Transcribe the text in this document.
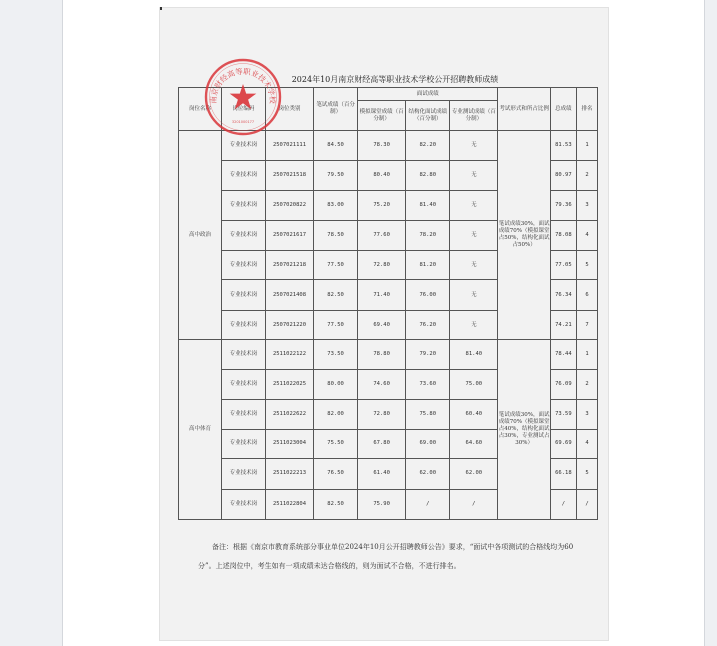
2024年10月南京财经高等职业技术学校公开招聘教师成绩
岗位名称	岗位编码	岗位类别	笔试成绩（百分制）	面试成绩			考试形式和所占比例	总成绩	排名
				模拟课堂成绩（百分制）	结构化面试成绩（百分制）	专业测试成绩（百分制）			
高中政治	专业技术岗	2507021111	84.50	78.30	82.20	无	笔试成绩30%，面试成绩70%（模拟课堂占50%，结构化面试占50%）	81.53	1
	专业技术岗	2507021518	79.50	80.40	82.80	无		80.97	2
	专业技术岗	2507020822	83.00	75.20	81.40	无		79.36	3
	专业技术岗	2507021617	78.50	77.60	78.20	无		78.08	4
	专业技术岗	2507021218	77.50	72.80	81.20	无		77.05	5
	专业技术岗	2507021408	82.50	71.40	76.00	无		76.34	6
	专业技术岗	2507021220	77.50	69.40	76.20	无		74.21	7
高中体育	专业技术岗	2511022122	73.50	78.80	79.20	81.40	笔试成绩30%，面试成绩70%（模拟课堂占40%，结构化面试占30%，专业测试占30%）	78.44	1
	专业技术岗	2511022025	80.00	74.60	73.60	75.00		76.09	2
	专业技术岗	2511022622	82.00	72.80	75.80	60.40		73.59	3
	专业技术岗	2511023004	75.50	67.80	69.00	64.60		69.69	4
	专业技术岗	2511022213	76.50	61.40	62.00	62.00		66.18	5
	专业技术岗	2511022804	82.50	75.90	/	/		/	/
南京财经高等职业技术学校
3201000177
备注：根据《南京市教育系统部分事业单位2024年10月公开招聘教师公告》要求，“面试中各项测试的合格线均为60分”。上述岗位中，考生如有一项成绩未达合格线的，则为面试不合格，不进行排名。
